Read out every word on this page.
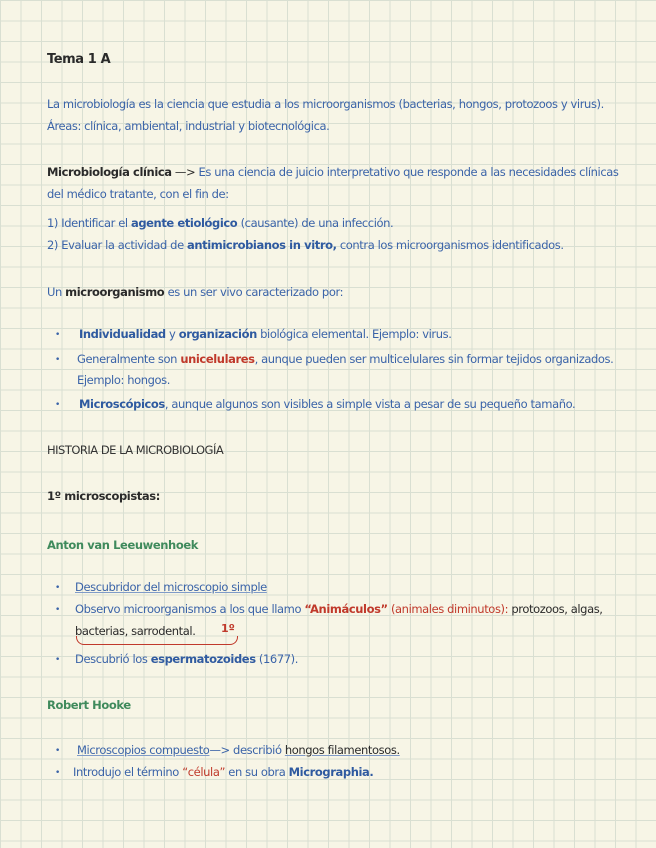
Tema 1 A
La microbiología es la ciencia que estudia a los microorganismos (bacterias, hongos, protozoos y virus).
Áreas: clínica, ambiental, industrial y biotecnológica.
Microbiología clínica —> Es una ciencia de juicio interpretativo que responde a las necesidades clínicas
del médico tratante, con el fin de:
1) Identificar el agente etiológico (causante) de una infección.
2) Evaluar la actividad de antimicrobianos in vitro, contra los microorganismos identificados.
Un microorganismo es un ser vivo caracterizado por:
• Individualidad y organización biológica elemental. Ejemplo: virus.
• Generalmente son unicelulares, aunque pueden ser multicelulares sin formar tejidos organizados.
Ejemplo: hongos.
• Microscópicos, aunque algunos son visibles a simple vista a pesar de su pequeño tamaño.
HISTORIA DE LA MICROBIOLOGÍA
1º microscopistas:
Anton van Leeuwenhoek
• Descubridor del microscopio simple
• Observo microorganismos a los que llamo “Animáculos” (animales diminutos): protozoos, algas,
bacterias, sarrodental. 1º
• Descubrió los espermatozoides (1677).
Robert Hooke
• Microscopios compuesto—> describió hongos filamentosos.
• Introdujo el término “célula” en su obra Micrographia.
